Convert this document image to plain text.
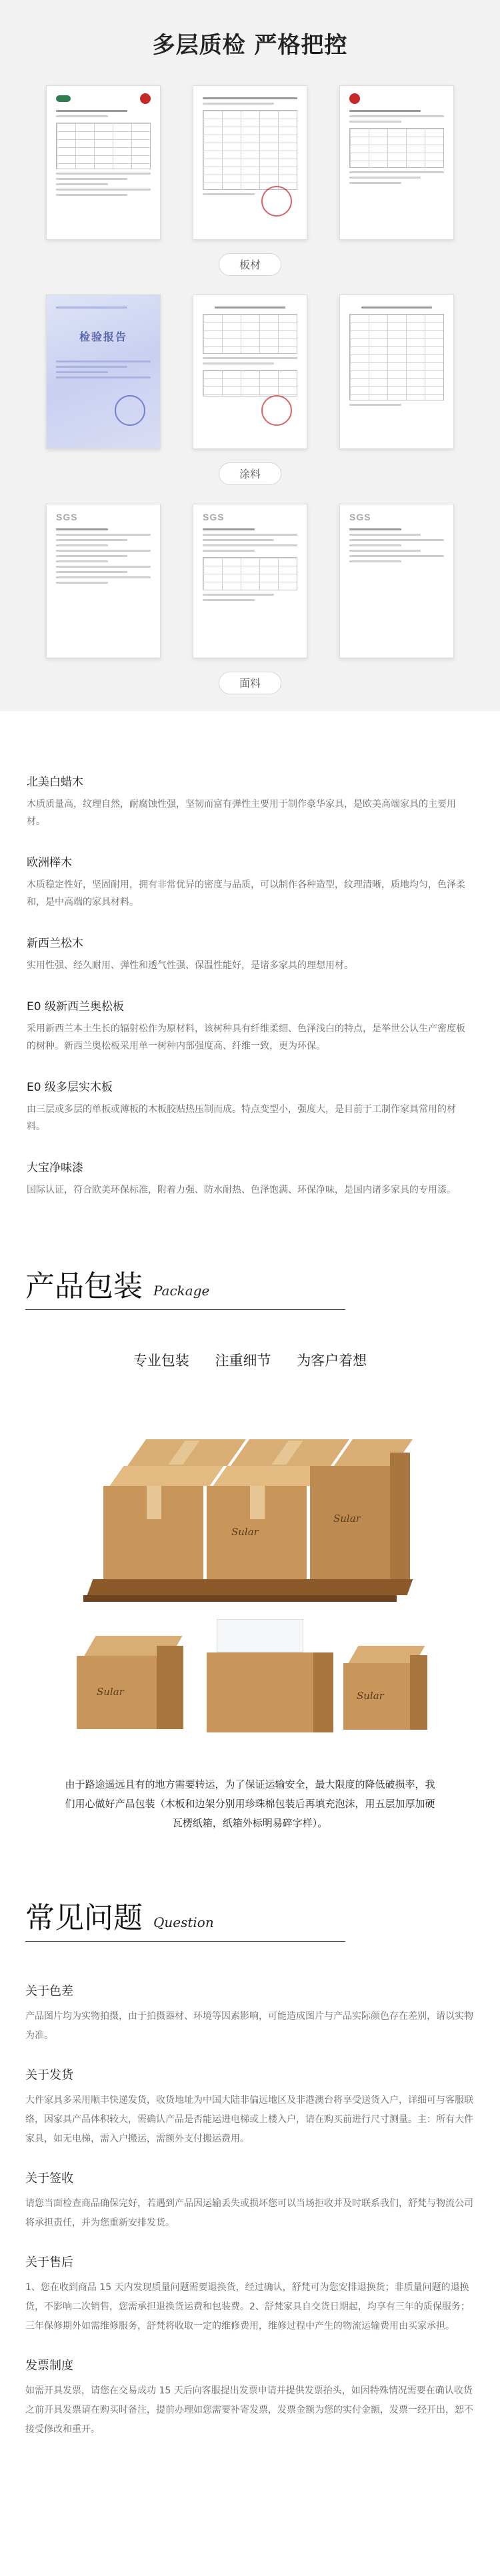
多层质检 严格把控
板材
检验报告
涂料
SGS	SGS	SGS
面料
北美白蜡木
木质质量高，纹理自然，耐腐蚀性强，坚韧而富有弹性主要用于制作豪华家具，是欧美高端家具的主要用材。
欧洲榉木
木质稳定性好，坚固耐用，拥有非常优异的密度与品质，可以制作各种造型，纹理清晰，质地均匀，色泽柔和，是中高端的家具材料。
新西兰松木
实用性强、经久耐用、弹性和透气性强、保温性能好，是诸多家具的理想用材。
E0 级新西兰奥松板
采用新西兰本土生长的辐射松作为原材料，该树种具有纤维柔细、色泽浅白的特点，是举世公认生产密度板的树种。新西兰奥松板采用单一树种内部强度高、纤维一致，更为环保。
E0 级多层实木板
由三层或多层的单板或薄板的木板胶贴热压制而成。特点变型小，强度大，是目前于工制作家具常用的材料。
大宝净味漆
国际认证，符合欧美环保标准，附着力强、防水耐热、色泽饱满、环保净味，是国内诸多家具的专用漆。
产品包装 Package
专业包装 注重细节 为客户着想
Sular
Sular
Sular	Sular

由于路途遥远且有的地方需要转运，为了保证运输安全，最大限度的降低破损率，我们用心做好产品包装（木板和边架分别用珍珠棉包装后再填充泡沫，用五层加厚加硬瓦楞纸箱，纸箱外标明易碎字样）。

常见问题 Question
关于色差
产品图片均为实物拍摄，由于拍摄器材、环境等因素影响，可能造成图片与产品实际颜色存在差别，请以实物为准。
关于发货
大件家具多采用顺丰快递发货，收货地址为中国大陆非偏远地区及非港澳台将享受送货入户，详细可与客服联络，因家具产品体积较大，需确认产品是否能运进电梯或上楼入户，请在购买前进行尺寸测量。主：所有大件家具，如无电梯，需入户搬运，需额外支付搬运费用。
关于签收
请您当面检查商品确保完好，若遇到产品因运输丢失或损坏您可以当场拒收并及时联系我们，舒梵与物流公司将承担责任，并为您重新安排发货。
关于售后
1、您在收到商品 15 天内发现质量问题需要退换货，经过确认，舒梵可为您安排退换货；非质量问题的退换货，不影响二次销售，您需承担退换货运费和包装费。2、舒梵家具自交货日期起，均享有三年的质保服务；三年保修期外如需维修服务，舒梵将收取一定的维修费用，维修过程中产生的物流运输费用由买家承担。
发票制度
如需开具发票，请您在交易成功 15 天后向客服提出发票申请并提供发票抬头，如因特殊情况需要在确认收货之前开具发票请在购买时备注，提前办理如您需要补寄发票，发票金额为您的实付金额，发票一经开出，恕不接受修改和重开。
